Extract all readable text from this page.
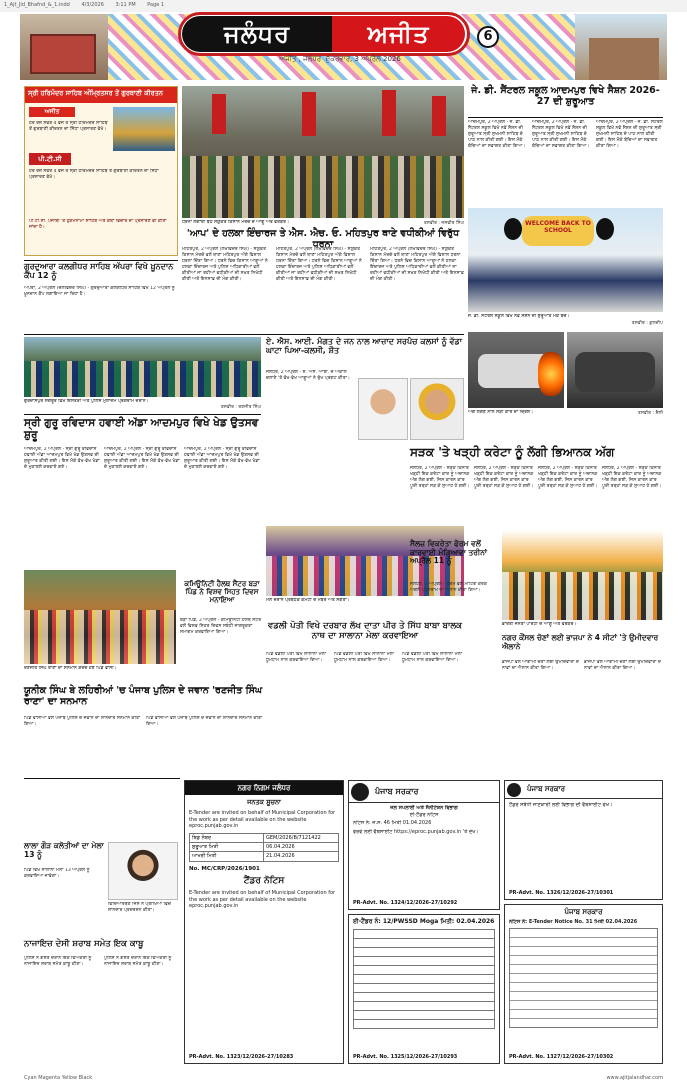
1_Ajt_Jld_Bhafnd_&_1.indd 4/3/2026 3:11 PM Page 1
ਜਲੰਧਰ	ਅਜੀਤ
ਅਜੀਤ , ਜਲੰਧਰ ਸ਼ੁੱਕਰਵਾਰ, 3 ਅਪ੍ਰੈਲ 2026
6
ਸ੍ਰੀ ਹਰਿਮੰਦਰ ਸਾਹਿਬ ਅੰਮ੍ਰਿਤਸਰ ਤੋਂ ਗੁਰਬਾਣੀ ਕੀਰਤਨ
ਅਜੀਤ
ਹਰ ਰੋਜ਼ ਸਵੇਰੇ 4 ਵਜੇ ਤੋਂ ਸ੍ਰੀ ਹਰਿਮੰਦਰ ਸਾਹਿਬ ਤੋਂ ਗੁਰਬਾਣੀ ਕੀਰਤਨ ਦਾ ਸਿੱਧਾ ਪ੍ਰਸਾਰਣ ਵੇਖੋ।
ਪੀ.ਟੀ.ਸੀ
ਹਰ ਰੋਜ਼ ਸਵੇਰੇ 4 ਵਜੇ ਤੋਂ ਸ੍ਰੀ ਹਰਿਮੰਦਰ ਸਾਹਿਬ ਤੋਂ ਗੁਰਬਾਣੀ ਕੀਰਤਨ ਦਾ ਸਿੱਧਾ ਪ੍ਰਸਾਰਣ ਵੇਖੋ।
ਪੀ.ਟੀ.ਸੀ. ਪੰਜਾਬੀ 'ਤੇ ਹੁਕਮਨਾਮਾ ਸਾਹਿਬ ਅਤੇ ਕਥਾ ਵਿਚਾਰ ਦਾ ਪ੍ਰਸਾਰਣ ਵੀ ਕੀਤਾ ਜਾਂਦਾ ਹੈ।
ਧਰਨਾ ਲਗਾਈ ਬੈਠੇ ਸੰਯੁਕਤ ਕਿਸਾਨ ਮੋਰਚੇ ਦੇ ਆਗੂ ਅਤੇ ਵਰਕਰ।	ਤਸਵੀਰ : ਜਸਵੀਰ ਸਿੰਘ
'ਆਪ' ਦੇ ਹਲਕਾ ਇੰਚਾਰਜ ਤੇ ਐਸ. ਐਚ. ਓ. ਮਹਿਤਪੁਰ ਥਾਣੇ ਵਧੀਕੀਆਂ ਵਿਰੁੱਧ ਧਰਨਾ
ਮਹਿਤਪੁਰ, 2 ਅਪ੍ਰੈਲ (ਲਖਵਿੰਦਰ ਸਿੰਘ) - ਸੰਯੁਕਤ ਕਿਸਾਨ ਮੋਰਚੇ ਵਲੋਂ ਥਾਣਾ ਮਹਿਤਪੁਰ ਅੱਗੇ ਵਿਸ਼ਾਲ ਧਰਨਾ ਦਿੱਤਾ ਗਿਆ। ਧਰਨੇ ਵਿਚ ਕਿਸਾਨ ਆਗੂਆਂ ਨੇ ਹਲਕਾ ਇੰਚਾਰਜ ਅਤੇ ਪੁਲਿਸ ਅਧਿਕਾਰੀਆਂ ਵਲੋਂ ਕੀਤੀਆਂ ਜਾ ਰਹੀਆਂ ਵਧੀਕੀਆਂ ਦੀ ਸਖ਼ਤ ਨਿਖੇਧੀ ਕੀਤੀ ਅਤੇ ਇਨਸਾਫ਼ ਦੀ ਮੰਗ ਕੀਤੀ।
ਮਹਿਤਪੁਰ, 2 ਅਪ੍ਰੈਲ (ਲਖਵਿੰਦਰ ਸਿੰਘ) - ਸੰਯੁਕਤ ਕਿਸਾਨ ਮੋਰਚੇ ਵਲੋਂ ਥਾਣਾ ਮਹਿਤਪੁਰ ਅੱਗੇ ਵਿਸ਼ਾਲ ਧਰਨਾ ਦਿੱਤਾ ਗਿਆ। ਧਰਨੇ ਵਿਚ ਕਿਸਾਨ ਆਗੂਆਂ ਨੇ ਹਲਕਾ ਇੰਚਾਰਜ ਅਤੇ ਪੁਲਿਸ ਅਧਿਕਾਰੀਆਂ ਵਲੋਂ ਕੀਤੀਆਂ ਜਾ ਰਹੀਆਂ ਵਧੀਕੀਆਂ ਦੀ ਸਖ਼ਤ ਨਿਖੇਧੀ ਕੀਤੀ ਅਤੇ ਇਨਸਾਫ਼ ਦੀ ਮੰਗ ਕੀਤੀ।
ਮਹਿਤਪੁਰ, 2 ਅਪ੍ਰੈਲ (ਲਖਵਿੰਦਰ ਸਿੰਘ) - ਸੰਯੁਕਤ ਕਿਸਾਨ ਮੋਰਚੇ ਵਲੋਂ ਥਾਣਾ ਮਹਿਤਪੁਰ ਅੱਗੇ ਵਿਸ਼ਾਲ ਧਰਨਾ ਦਿੱਤਾ ਗਿਆ। ਧਰਨੇ ਵਿਚ ਕਿਸਾਨ ਆਗੂਆਂ ਨੇ ਹਲਕਾ ਇੰਚਾਰਜ ਅਤੇ ਪੁਲਿਸ ਅਧਿਕਾਰੀਆਂ ਵਲੋਂ ਕੀਤੀਆਂ ਜਾ ਰਹੀਆਂ ਵਧੀਕੀਆਂ ਦੀ ਸਖ਼ਤ ਨਿਖੇਧੀ ਕੀਤੀ ਅਤੇ ਇਨਸਾਫ਼ ਦੀ ਮੰਗ ਕੀਤੀ।
ਜੇ. ਡੀ. ਸੈਂਟਰਲ ਸਕੂਲ ਆਦਮਪੁਰ ਵਿਖੇ ਸੈਸ਼ਨ 2026-27 ਦੀ ਸ਼ੁਰੂਆਤ
ਆਦਮਪੁਰ, 2 ਅਪ੍ਰੈਲ - ਜੇ. ਡੀ. ਸੈਂਟਰਲ ਸਕੂਲ ਵਿਖੇ ਨਵੇਂ ਸੈਸ਼ਨ ਦੀ ਸ਼ੁਰੂਆਤ ਸ੍ਰੀ ਸੁਖਮਨੀ ਸਾਹਿਬ ਦੇ ਪਾਠ ਨਾਲ ਕੀਤੀ ਗਈ। ਇਸ ਮੌਕੇ ਬੱਚਿਆਂ ਦਾ ਸਵਾਗਤ ਕੀਤਾ ਗਿਆ।
ਆਦਮਪੁਰ, 2 ਅਪ੍ਰੈਲ - ਜੇ. ਡੀ. ਸੈਂਟਰਲ ਸਕੂਲ ਵਿਖੇ ਨਵੇਂ ਸੈਸ਼ਨ ਦੀ ਸ਼ੁਰੂਆਤ ਸ੍ਰੀ ਸੁਖਮਨੀ ਸਾਹਿਬ ਦੇ ਪਾਠ ਨਾਲ ਕੀਤੀ ਗਈ। ਇਸ ਮੌਕੇ ਬੱਚਿਆਂ ਦਾ ਸਵਾਗਤ ਕੀਤਾ ਗਿਆ।
ਆਦਮਪੁਰ, 2 ਅਪ੍ਰੈਲ - ਜੇ. ਡੀ. ਸੈਂਟਰਲ ਸਕੂਲ ਵਿਖੇ ਨਵੇਂ ਸੈਸ਼ਨ ਦੀ ਸ਼ੁਰੂਆਤ ਸ੍ਰੀ ਸੁਖਮਨੀ ਸਾਹਿਬ ਦੇ ਪਾਠ ਨਾਲ ਕੀਤੀ ਗਈ। ਇਸ ਮੌਕੇ ਬੱਚਿਆਂ ਦਾ ਸਵਾਗਤ ਕੀਤਾ ਗਿਆ।
WELCOME BACK TO SCHOOL
ਜੇ. ਡੀ. ਸੈਂਟਰਲ ਸਕੂਲ ਵਿਖੇ ਨਵੇਂ ਸੈਸ਼ਨ ਦੀ ਸ਼ੁਰੂਆਤ ਮੌਕੇ ਬੱਚੇ।
ਤਸਵੀਰ : ਕੁਲਦੀਪ
ਗੁਰਦੁਆਰਾ ਕਲਗੀਧਰ ਸਾਹਿਬ ਅੱਪਰਾ ਵਿਖੇ ਖ਼ੂਨਦਾਨ ਕੈਂਪ 12 ਨੂੰ
ਅੱਪਰਾ, 2 ਅਪ੍ਰੈਲ (ਦਲਵਿੰਦਰ ਸਿੰਘ) - ਗੁਰਦੁਆਰਾ ਕਲਗੀਧਰ ਸਾਹਿਬ ਵਿਖੇ 12 ਅਪ੍ਰੈਲ ਨੂੰ ਖ਼ੂਨਦਾਨ ਕੈਂਪ ਲਗਾਇਆ ਜਾ ਰਿਹਾ ਹੈ।
ਗੁਰਦਾਸਪੁਰ ਸੰਗਰੂਰ ਵਿਖੇ ਇਸਤਰੀ ਅਤੇ ਪੁਲਿਸ ਮੁਲਾਜ਼ਮ ਪ੍ਰੋਗਰਾਮ ਦੌਰਾਨ।
ਤਸਵੀਰ : ਰਣਜੀਤ ਸਿੰਘ
ਏ. ਐਸ. ਆਈ. ਮੰਗਤ ਦੇ ਜਨ ਨਾਲ ਆਜ਼ਾਦ ਸਰਪੰਚ ਕਲਸਾਂ ਨੂੰ ਵੱਡਾ ਘਾਟਾ ਪਿਆ-ਕਲਸੀ, ਸ਼ੌਤ
ਜਲੰਧਰ, 2 ਅਪ੍ਰੈਲ - ਏ. ਐਸ. ਆਈ. ਦੇ ਅਕਾਲ ਚਲਾਣੇ 'ਤੇ ਵੱਖ-ਵੱਖ ਆਗੂਆਂ ਨੇ ਦੁੱਖ ਪ੍ਰਗਟ ਕੀਤਾ।
ਅੱਗ ਲੱਗਣ ਨਾਲ ਸੜੀ ਕਾਰ ਦਾ ਦ੍ਰਿਸ਼।	ਤਸਵੀਰ : ਸ਼ੈਲੀ
ਸੜਕ 'ਤੇ ਖੜ੍ਹੀ ਕਰੇਟਾ ਨੂੰ ਲੱਗੀ ਭਿਆਨਕ ਅੱਗ
ਜਲੰਧਰ, 2 ਅਪ੍ਰੈਲ - ਸੜਕ ਕਿਨਾਰੇ ਖੜ੍ਹੀ ਇਕ ਕਰੇਟਾ ਕਾਰ ਨੂੰ ਅਚਾਨਕ ਅੱਗ ਲੱਗ ਗਈ, ਜਿਸ ਕਾਰਨ ਕਾਰ ਪੂਰੀ ਤਰ੍ਹਾਂ ਸੜ ਕੇ ਸੁਆਹ ਹੋ ਗਈ।
ਜਲੰਧਰ, 2 ਅਪ੍ਰੈਲ - ਸੜਕ ਕਿਨਾਰੇ ਖੜ੍ਹੀ ਇਕ ਕਰੇਟਾ ਕਾਰ ਨੂੰ ਅਚਾਨਕ ਅੱਗ ਲੱਗ ਗਈ, ਜਿਸ ਕਾਰਨ ਕਾਰ ਪੂਰੀ ਤਰ੍ਹਾਂ ਸੜ ਕੇ ਸੁਆਹ ਹੋ ਗਈ।
ਜਲੰਧਰ, 2 ਅਪ੍ਰੈਲ - ਸੜਕ ਕਿਨਾਰੇ ਖੜ੍ਹੀ ਇਕ ਕਰੇਟਾ ਕਾਰ ਨੂੰ ਅਚਾਨਕ ਅੱਗ ਲੱਗ ਗਈ, ਜਿਸ ਕਾਰਨ ਕਾਰ ਪੂਰੀ ਤਰ੍ਹਾਂ ਸੜ ਕੇ ਸੁਆਹ ਹੋ ਗਈ।
ਜਲੰਧਰ, 2 ਅਪ੍ਰੈਲ - ਸੜਕ ਕਿਨਾਰੇ ਖੜ੍ਹੀ ਇਕ ਕਰੇਟਾ ਕਾਰ ਨੂੰ ਅਚਾਨਕ ਅੱਗ ਲੱਗ ਗਈ, ਜਿਸ ਕਾਰਨ ਕਾਰ ਪੂਰੀ ਤਰ੍ਹਾਂ ਸੜ ਕੇ ਸੁਆਹ ਹੋ ਗਈ।
ਸ੍ਰੀ ਗੁਰੂ ਰਵਿਦਾਸ ਹਵਾਈ ਅੱਡਾ ਆਦਮਪੁਰ ਵਿਖੇ ਖੇਡ ਉਤਸਵ ਸ਼ੁਰੂ
ਆਦਮਪੁਰ, 2 ਅਪ੍ਰੈਲ - ਸ੍ਰੀ ਗੁਰੂ ਰਵਿਦਾਸ ਹਵਾਈ ਅੱਡਾ ਆਦਮਪੁਰ ਵਿਖੇ ਖੇਡ ਉਤਸਵ ਦੀ ਸ਼ੁਰੂਆਤ ਕੀਤੀ ਗਈ। ਇਸ ਮੌਕੇ ਵੱਖ-ਵੱਖ ਖੇਡਾਂ ਦੇ ਮੁਕਾਬਲੇ ਕਰਵਾਏ ਗਏ।
ਆਦਮਪੁਰ, 2 ਅਪ੍ਰੈਲ - ਸ੍ਰੀ ਗੁਰੂ ਰਵਿਦਾਸ ਹਵਾਈ ਅੱਡਾ ਆਦਮਪੁਰ ਵਿਖੇ ਖੇਡ ਉਤਸਵ ਦੀ ਸ਼ੁਰੂਆਤ ਕੀਤੀ ਗਈ। ਇਸ ਮੌਕੇ ਵੱਖ-ਵੱਖ ਖੇਡਾਂ ਦੇ ਮੁਕਾਬਲੇ ਕਰਵਾਏ ਗਏ।
ਆਦਮਪੁਰ, 2 ਅਪ੍ਰੈਲ - ਸ੍ਰੀ ਗੁਰੂ ਰਵਿਦਾਸ ਹਵਾਈ ਅੱਡਾ ਆਦਮਪੁਰ ਵਿਖੇ ਖੇਡ ਉਤਸਵ ਦੀ ਸ਼ੁਰੂਆਤ ਕੀਤੀ ਗਈ। ਇਸ ਮੌਕੇ ਵੱਖ-ਵੱਖ ਖੇਡਾਂ ਦੇ ਮੁਕਾਬਲੇ ਕਰਵਾਏ ਗਏ।
ਮੇਲੇ ਦੌਰਾਨ ਪ੍ਰਬੰਧਕ ਕਮੇਟੀ ਦੇ ਮੈਂਬਰ ਅਤੇ ਸੰਗਤਾਂ।
ਵਡਲੀ ਪੋਤੀ ਵਿਖੇ ਦਰਬਾਰ ਲੱਖ ਦਾਤਾ ਪੀਰ ਤੇ ਸਿੱਧ ਬਾਬਾ ਬਾਲਕ ਨਾਥ ਦਾ ਸਾਲਾਨਾ ਮੇਲਾ ਕਰਵਾਇਆ
ਪਿੰਡ ਵਡਲੀ ਪੋਤੀ ਵਿਖੇ ਸਾਲਾਨਾ ਮੇਲਾ ਧੂਮਧਾਮ ਨਾਲ ਕਰਵਾਇਆ ਗਿਆ।
ਪਿੰਡ ਵਡਲੀ ਪੋਤੀ ਵਿਖੇ ਸਾਲਾਨਾ ਮੇਲਾ ਧੂਮਧਾਮ ਨਾਲ ਕਰਵਾਇਆ ਗਿਆ।
ਪਿੰਡ ਵਡਲੀ ਪੋਤੀ ਵਿਖੇ ਸਾਲਾਨਾ ਮੇਲਾ ਧੂਮਧਾਮ ਨਾਲ ਕਰਵਾਇਆ ਗਿਆ।
ਕਮਿਊਨਿਟੀ ਹੈਲਥ ਸੈਂਟਰ ਬੜਾ ਪਿੰਡ ਨੇ ਵਿਸ਼ਵ ਸਿਹਤ ਦਿਵਸ ਮਨਾਇਆ
ਬੜਾ ਪਿੰਡ, 2 ਅਪ੍ਰੈਲ - ਕਮਿਊਨਿਟੀ ਹੈਲਥ ਸੈਂਟਰ ਵਲੋਂ ਵਿਸ਼ਵ ਸਿਹਤ ਦਿਵਸ ਸਬੰਧੀ ਜਾਗਰੂਕਤਾ ਸਮਾਗਮ ਕਰਵਾਇਆ ਗਿਆ।
ਰਣਜੀਤ ਸਿੰਘ ਰਾਣਾ ਦਾ ਸਨਮਾਨ ਕਰਦੇ ਹੋਏ ਪਿੰਡ ਵਾਸੀ।
ਯੂਨੀਕ ਸਿੰਘ ਬੇ ਲਹਿਰੀਆਂ 'ਚ ਪੰਜਾਬ ਪੁਲਿਸ ਦੇ ਜਵਾਨ 'ਰਣਜੀਤ ਸਿੰਘ ਰਾਣਾ' ਦਾ ਸਨਮਾਨ
ਪਿੰਡ ਵਾਸੀਆਂ ਵਲੋਂ ਪੰਜਾਬ ਪੁਲਿਸ ਦੇ ਜਵਾਨ ਦਾ ਸ਼ਾਨਦਾਰ ਸਨਮਾਨ ਕੀਤਾ ਗਿਆ।
ਪਿੰਡ ਵਾਸੀਆਂ ਵਲੋਂ ਪੰਜਾਬ ਪੁਲਿਸ ਦੇ ਜਵਾਨ ਦਾ ਸ਼ਾਨਦਾਰ ਸਨਮਾਨ ਕੀਤਾ ਗਿਆ।
ਸੈਲਜ਼ ਵਿਕਰੇਤਾ ਫੋਰਮ ਵਲੋਂ ਕਾਰਵਾਈ ਮੰਗਿਆਵਾ ਤਰੀਨਾਂ ਅਪ੍ਰੈਲ 11 ਨੂੰ
ਜਲੰਧਰ, 2 ਅਪ੍ਰੈਲ - ਫੋਰਮ ਵਲੋਂ ਮੀਟਿੰਗ ਕਰਕੇ ਅਗਲੇ ਪ੍ਰੋਗਰਾਮ ਦਾ ਐਲਾਨ ਕੀਤਾ ਗਿਆ।
ਭਾਰਤੀ ਜਨਤਾ ਪਾਰਟੀ ਦੇ ਆਗੂ ਅਤੇ ਵਰਕਰ।
ਨਗਰ ਕੌਂਸਲ ਚੋਣਾਂ ਲਈ ਭਾਜਪਾ ਨੇ 4 ਸੀਟਾਂ 'ਤੇ ਉਮੀਦਵਾਰ ਐਲਾਨੇ
ਭਾਜਪਾ ਵਲੋਂ ਆਗਾਮੀ ਚੋਣਾਂ ਲਈ ਉਮੀਦਵਾਰਾਂ ਦੇ ਨਾਵਾਂ ਦਾ ਐਲਾਨ ਕੀਤਾ ਗਿਆ।
ਭਾਜਪਾ ਵਲੋਂ ਆਗਾਮੀ ਚੋਣਾਂ ਲਈ ਉਮੀਦਵਾਰਾਂ ਦੇ ਨਾਵਾਂ ਦਾ ਐਲਾਨ ਕੀਤਾ ਗਿਆ।
ਲਾਲਾ ਗੌੜ ਕਲੋਤੀਆਂ ਦਾ ਮੇਲਾ 13 ਨੂੰ
ਪਿੰਡ ਵਿਖੇ ਸਾਲਾਨਾ ਮੇਲਾ 13 ਅਪ੍ਰੈਲ ਨੂੰ ਕਰਵਾਇਆ ਜਾਵੇਗਾ।
ਵਿਦਿਆਰਥਣ ਜਿਸ ਨੇ ਪ੍ਰੀਖਿਆ ਵਿਚ ਸ਼ਾਨਦਾਰ ਪ੍ਰਦਰਸ਼ਨ ਕੀਤਾ।
ਨਾਜਾਇਜ਼ ਦੇਸੀ ਸ਼ਰਾਬ ਸਮੇਤ ਇਕ ਕਾਬੂ
ਪੁਲਿਸ ਨੇ ਗਸ਼ਤ ਦੌਰਾਨ ਇਕ ਵਿਅਕਤੀ ਨੂੰ ਨਾਜਾਇਜ਼ ਸ਼ਰਾਬ ਸਮੇਤ ਕਾਬੂ ਕੀਤਾ।
ਪੁਲਿਸ ਨੇ ਗਸ਼ਤ ਦੌਰਾਨ ਇਕ ਵਿਅਕਤੀ ਨੂੰ ਨਾਜਾਇਜ਼ ਸ਼ਰਾਬ ਸਮੇਤ ਕਾਬੂ ਕੀਤਾ।
ਨਗਰ ਨਿਗਮ ਜਲੰਧਰ
ਜਨਤਕ ਸੂਚਨਾ
E-Tender are invited on behalf of Municipal Corporation for the work as per detail available on the website eproc.punjab.gov.in
ਬਿਡ ਨੰਬਰ	GEM/2026/B/7121422
ਸ਼ੁਰੂਆਤ ਮਿਤੀ	06.04.2026
ਆਖਰੀ ਮਿਤੀ	21.04.2026
No. MC/CRP/2026/1901
ਟੈਂਡਰ ਨੋਟਿਸ
E-Tender are invited on behalf of Municipal Corporation for the work as per detail available on the website eproc.punjab.gov.in
PR-Advt. No. 1323/12/2026-27/10283
ਪੰਜਾਬ ਸਰਕਾਰ
ਜਲ ਸਪਲਾਈ ਅਤੇ ਸੈਨੀਟੇਸ਼ਨ ਵਿਭਾਗ
ਈ-ਟੈਂਡਰ ਨੋਟਿਸ
ਨੋਟਿਸ ਨੰ: ਜ.ਸ. 46 ਮਿਤੀ 01.04.2026
ਵੇਰਵੇ ਲਈ ਵੈਬਸਾਈਟ https://eproc.punjab.gov.in 'ਤੇ ਦੇਖੋ।
PR-Advt. No. 1324/12/2026-27/10292
ਈ-ਟੈਂਡਰ ਨੰ: 12/PWSSD Moga ਮਿਤੀ: 02.04.2026
PR-Advt. No. 1325/12/2026-27/10293
ਪੰਜਾਬ ਸਰਕਾਰ
ਟੈਂਡਰ ਸਬੰਧੀ ਜਾਣਕਾਰੀ ਲਈ ਵਿਭਾਗ ਦੀ ਵੈਬਸਾਈਟ ਵੇਖੋ।
PR-Advt. No. 1326/12/2026-27/10301
ਪੰਜਾਬ ਸਰਕਾਰ
ਨੋਟਿਸ ਨੰ: E-Tender Notice No. 31 ਮਿਤੀ 02.04.2026
PR-Advt. No. 1327/12/2026-27/10302
Cyan Magenta Yellow Black	www.ajitjalandhar.com
